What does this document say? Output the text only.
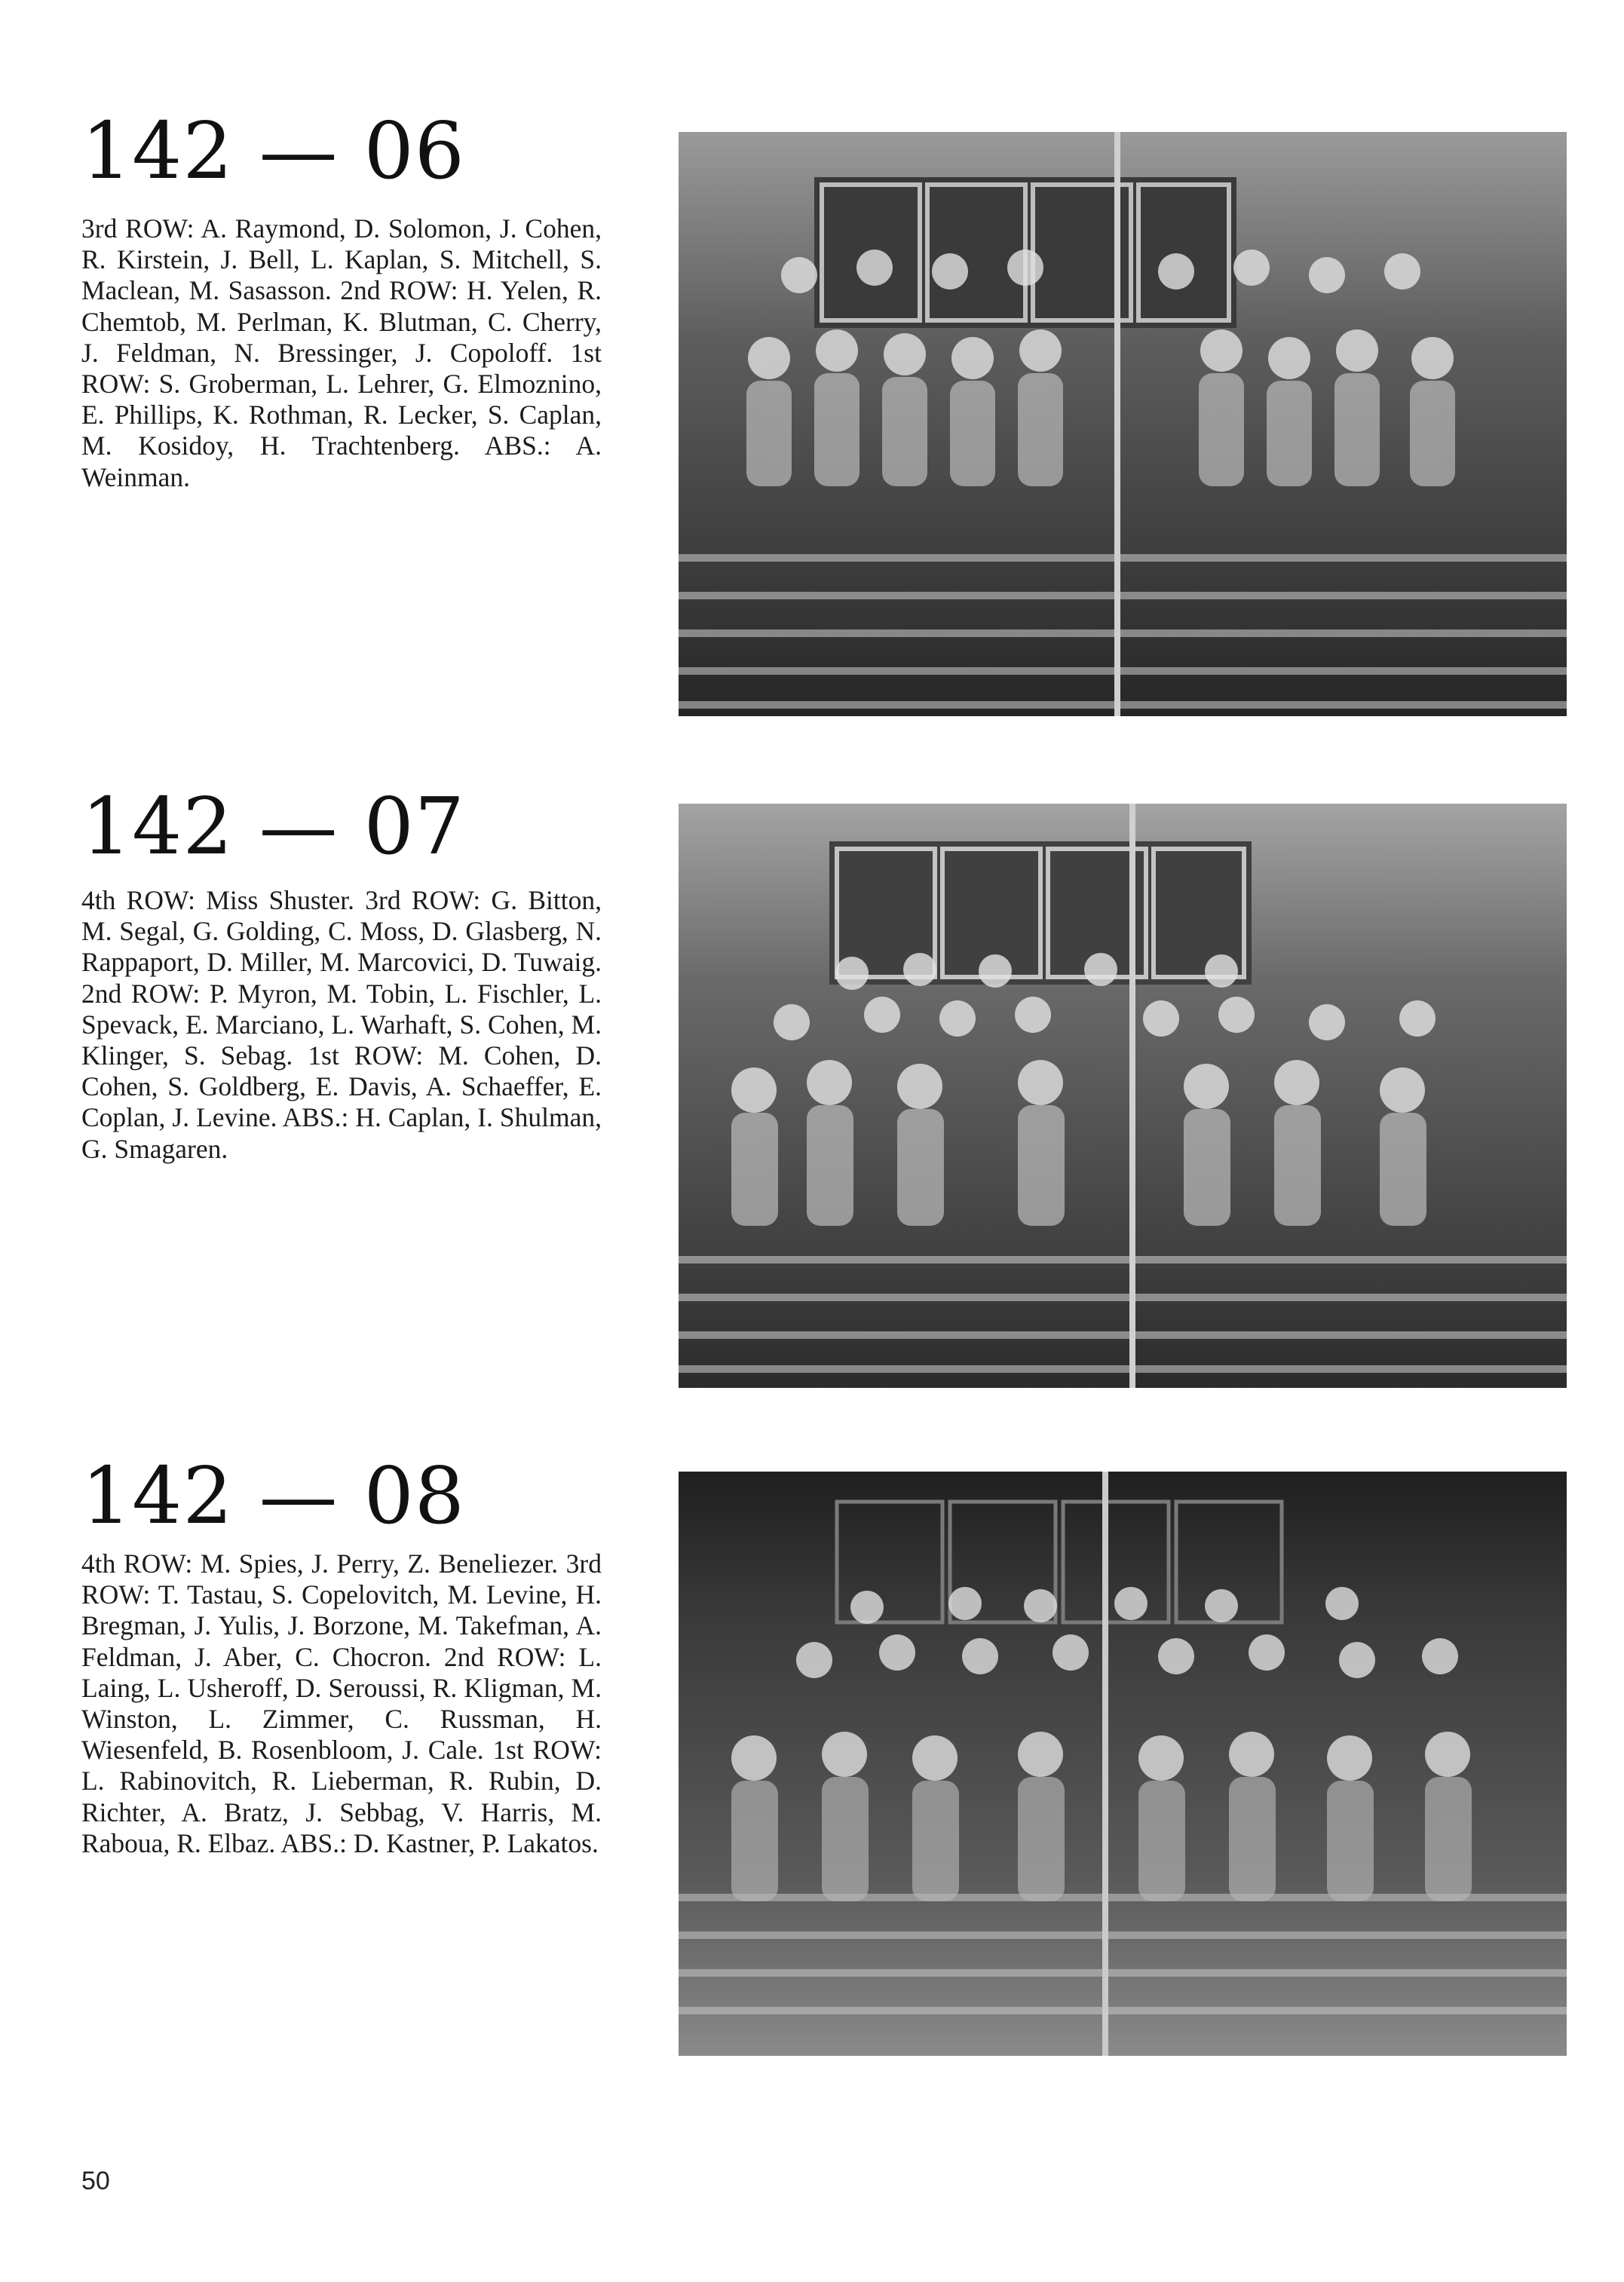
142 — 06
3rd ROW: A. Raymond, D. Solomon, J. Cohen, R. Kirstein, J. Bell, L. Kaplan, S. Mitchell, S. Maclean, M. Sasasson. 2nd ROW: H. Yelen, R. Chemtob, M. Perlman, K. Blutman, C. Cherry, J. Feldman, N. Bressinger, J. Copoloff. 1st ROW: S. Groberman, L. Lehrer, G. Elmoznino, E. Phillips, K. Rothman, R. Lecker, S. Caplan, M. Kosidoy, H. Trachtenberg. ABS.: A. Weinman.
142 — 07
4th ROW: Miss Shuster. 3rd ROW: G. Bitton, M. Segal, G. Golding, C. Moss, D. Glasberg, N. Rappaport, D. Miller, M. Marcovici, D. Tuwaig. 2nd ROW: P. Myron, M. Tobin, L. Fischler, L. Spevack, E. Marciano, L. Warhaft, S. Cohen, M. Klinger, S. Sebag. 1st ROW: M. Cohen, D. Cohen, S. Goldberg, E. Davis, A. Schaeffer, E. Coplan, J. Levine. ABS.: H. Caplan, I. Shulman, G. Smagaren.
142 — 08
4th ROW: M. Spies, J. Perry, Z. Beneliezer. 3rd ROW: T. Tastau, S. Copelovitch, M. Levine, H. Bregman, J. Yulis, J. Borzone, M. Takefman, A. Feldman, J. Aber, C. Chocron. 2nd ROW: L. Laing, L. Usheroff, D. Seroussi, R. Kligman, M. Winston, L. Zimmer, C. Russman, H. Wiesenfeld, B. Rosenbloom, J. Cale. 1st ROW: L. Rabinovitch, R. Lieberman, R. Rubin, D. Richter, A. Bratz, J. Sebbag, V. Harris, M. Raboua, R. Elbaz. ABS.: D. Kastner, P. Lakatos.
50
